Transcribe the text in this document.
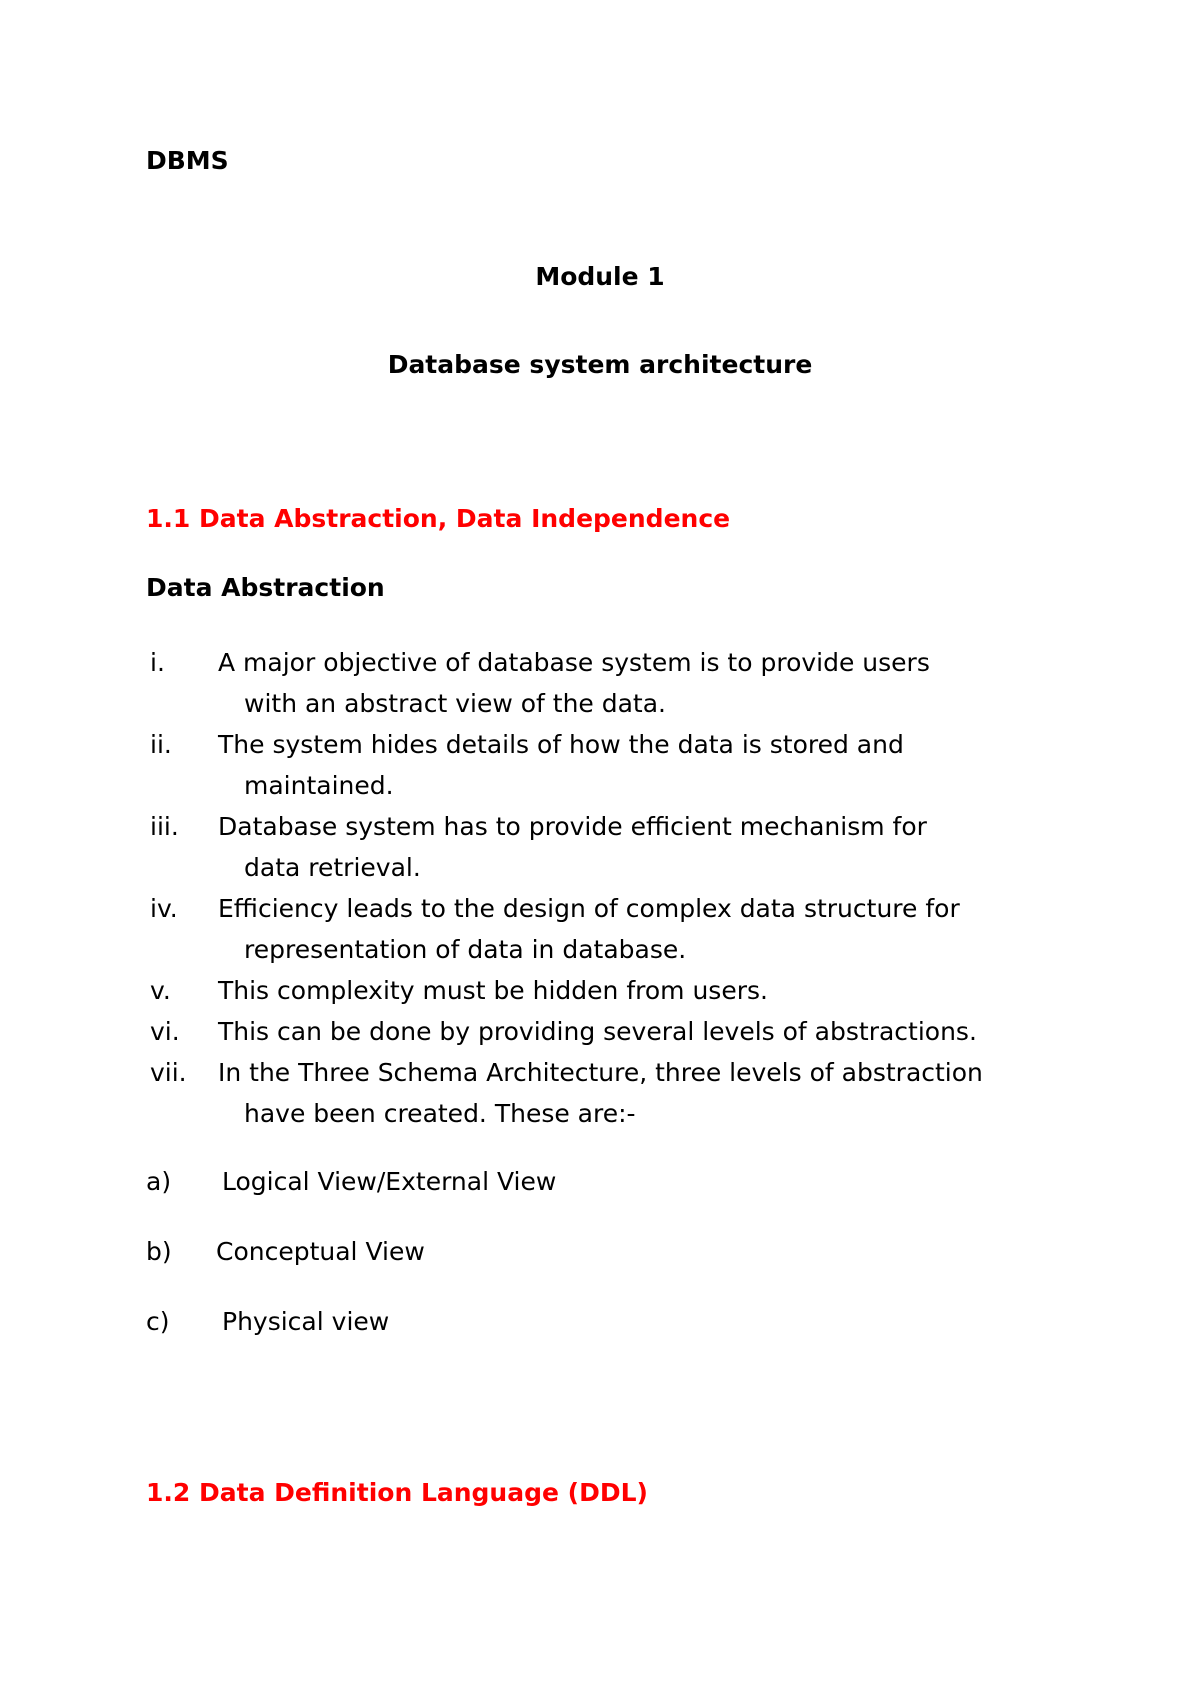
DBMS
Module 1
Database system architecture
1.1 Data Abstraction, Data Independence
Data Abstraction
i.	A major objective of database system is to provide users
with an abstract view of the data.
ii.	The system hides details of how the data is stored and
maintained.
iii.	Database system has to provide efficient mechanism for
data retrieval.
iv.	Efficiency leads to the design of complex data structure for
representation of data in database.
v.	This complexity must be hidden from users.
vi.	This can be done by providing several levels of abstractions.
vii.	In the Three Schema Architecture, three levels of abstraction
have been created. These are:-
a) Logical View/External View
b) Conceptual View
c) Physical view
1.2 Data Definition Language (DDL)
